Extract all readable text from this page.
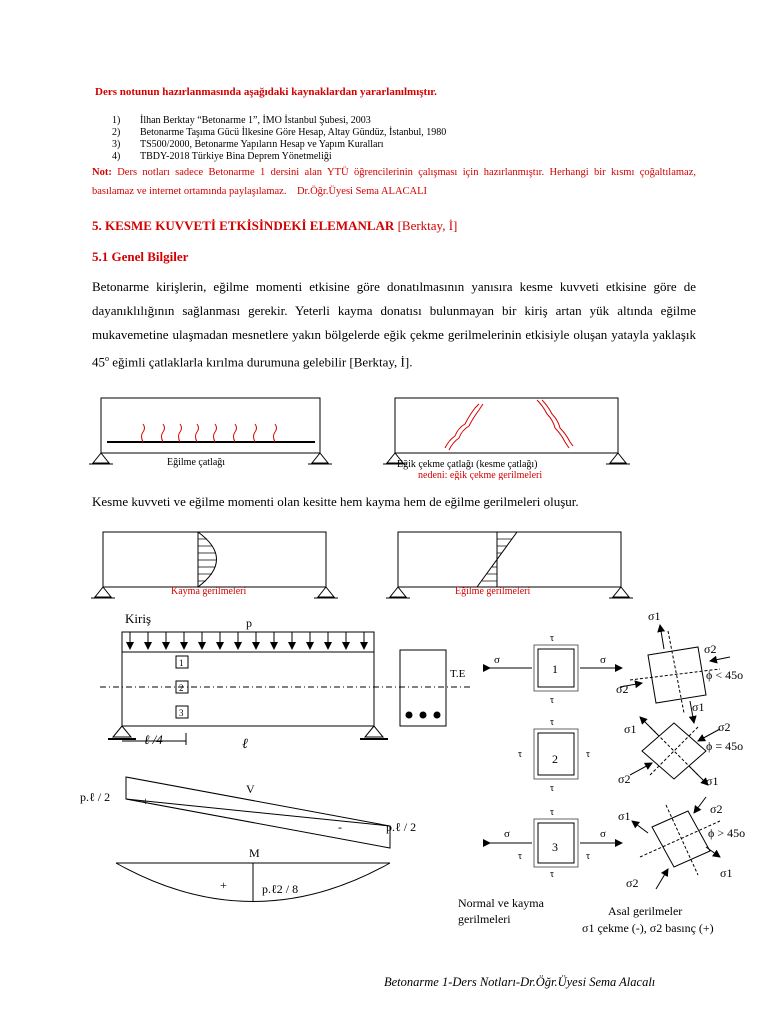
Ders notunun hazırlanmasında aşağıdaki kaynaklardan yararlanılmıştır.
1) İlhan Berktay “Betonarme 1”, İMO İstanbul Şubesi, 2003
2) Betonarme Taşıma Gücü İlkesine Göre Hesap, Altay Gündüz, İstanbul, 1980
3) TS500/2000, Betonarme Yapıların Hesap ve Yapım Kuralları
4) TBDY-2018 Türkiye Bina Deprem Yönetmeliği
Not: Ders notları sadece Betonarme 1 dersini alan YTÜ öğrencilerinin çalışması için hazırlanmıştır. Herhangi bir kısmı çoğaltılamaz, basılamaz ve internet ortamında paylaşılamaz. Dr.Öğr.Üyesi Sema ALACALI
5. KESME KUVVETİ ETKİSİNDEKİ ELEMANLAR [Berktay, İ]
5.1 Genel Bilgiler
Betonarme kirişlerin, eğilme momenti etkisine göre donatılmasının yanısıra kesme kuvveti etkisine göre de dayanıklılığının sağlanması gerekir. Yeterli kayma donatısı bulunmayan bir kiriş artan yük altında eğilme mukavemetine ulaşmadan mesnetlere yakın bölgelerde eğik çekme gerilmelerinin etkisiyle oluşan yatayla yaklaşık 45$^o$ eğimli çatlaklarla kırılma durumuna gelebilir [Berktay, İ].
Eğilme çatlağı	Eğik çekme çatlağı (kesme çatlağı)
nedeni: eğik çekme gerilmeleri
Kesme kuvveti ve eğilme momenti olan kesitte hem kayma hem de eğilme gerilmeleri oluşur.
Kayma gerilmeleri	Eğilme gerilmeleri
Kiriş	p
1
2
3
ℓ /4	ℓ
T.E
V
p.ℓ / 2
p.ℓ / 2
+
-
M
+	p.ℓ2 / 8
1
σ	σ
τ
τ
σ1
σ1
σ2
σ2
ϕ < 45o
2
τ
τ
τ	τ
σ1
σ1
σ2
σ2
ϕ = 45o
3
σ	σ
τ
τ
τ	τ
σ1
σ1
σ2
σ2
ϕ > 45o
Normal ve kayma
gerilmeleri
Asal gerilmeler
σ1 çekme (-), σ2 basınç (+)
Betonarme 1-Ders Notları-Dr.Öğr.Üyesi Sema Alacalı
